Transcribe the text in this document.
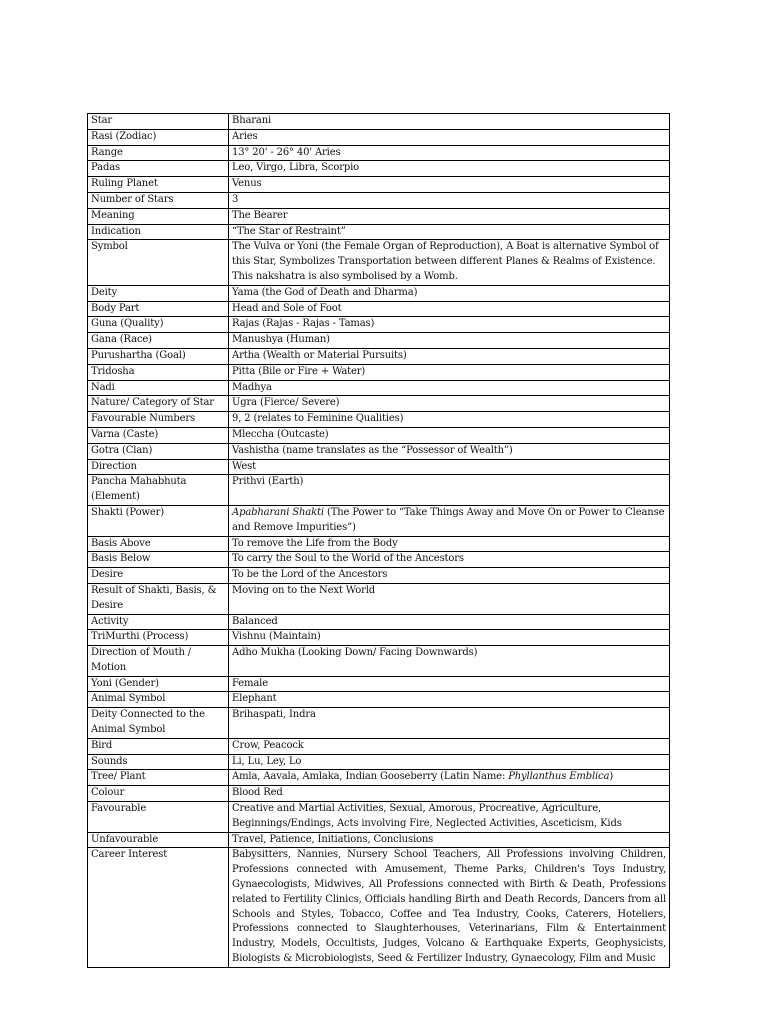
Star	Bharani
Rasi (Zodiac)	Aries
Range	13° 20' - 26° 40' Aries
Padas	Leo, Virgo, Libra, Scorpio
Ruling Planet	Venus
Number of Stars	3
Meaning	The Bearer
Indication	“The Star of Restraint”
Symbol	The Vulva or Yoni (the Female Organ of Reproduction), A Boat is alternative Symbol of this Star, Symbolizes Transportation between different Planes & Realms of Existence. This nakshatra is also symbolised by a Womb.
Deity	Yama (the God of Death and Dharma)
Body Part	Head and Sole of Foot
Guna (Quality)	Rajas (Rajas - Rajas - Tamas)
Gana (Race)	Manushya (Human)
Purushartha (Goal)	Artha (Wealth or Material Pursuits)
Tridosha	Pitta (Bile or Fire + Water)
Nadi	Madhya
Nature/ Category of Star	Ugra (Fierce/ Severe)
Favourable Numbers	9, 2 (relates to Feminine Qualities)
Varna (Caste)	Mleccha (Outcaste)
Gotra (Clan)	Vashistha (name translates as the “Possessor of Wealth”)
Direction	West
Pancha Mahabhuta (Element)	Prithvi (Earth)
Shakti (Power)	Apabharani Shakti (The Power to “Take Things Away and Move On or Power to Cleanse and Remove Impurities”)
Basis Above	To remove the Life from the Body
Basis Below	To carry the Soul to the World of the Ancestors
Desire	To be the Lord of the Ancestors
Result of Shakti, Basis, & Desire	Moving on to the Next World
Activity	Balanced
TriMurthi (Process)	Vishnu (Maintain)
Direction of Mouth / Motion	Adho Mukha (Looking Down/ Facing Downwards)
Yoni (Gender)	Female
Animal Symbol	Elephant
Deity Connected to the Animal Symbol	Brihaspati, Indra
Bird	Crow, Peacock
Sounds	Li, Lu, Ley, Lo
Tree/ Plant	Amla, Aavala, Amlaka, Indian Gooseberry (Latin Name: Phyllanthus Emblica)
Colour	Blood Red
Favourable	Creative and Martial Activities, Sexual, Amorous, Procreative, Agriculture, Beginnings/Endings, Acts involving Fire, Neglected Activities, Asceticism, Kids
Unfavourable	Travel, Patience, Initiations, Conclusions
Career Interest	Babysitters, Nannies, Nursery School Teachers, All Professions involving Children, Professions connected with Amusement, Theme Parks, Children's Toys Industry, Gynaecologists, Midwives, All Professions connected with Birth & Death, Professions related to Fertility Clinics, Officials handling Birth and Death Records, Dancers from all Schools and Styles, Tobacco, Coffee and Tea Industry, Cooks, Caterers, Hoteliers, Professions connected to Slaughterhouses, Veterinarians, Film & Entertainment Industry, Models, Occultists, Judges, Volcano & Earthquake Experts, Geophysicists, Biologists & Microbiologists, Seed & Fertilizer Industry, Gynaecology, Film and Music
